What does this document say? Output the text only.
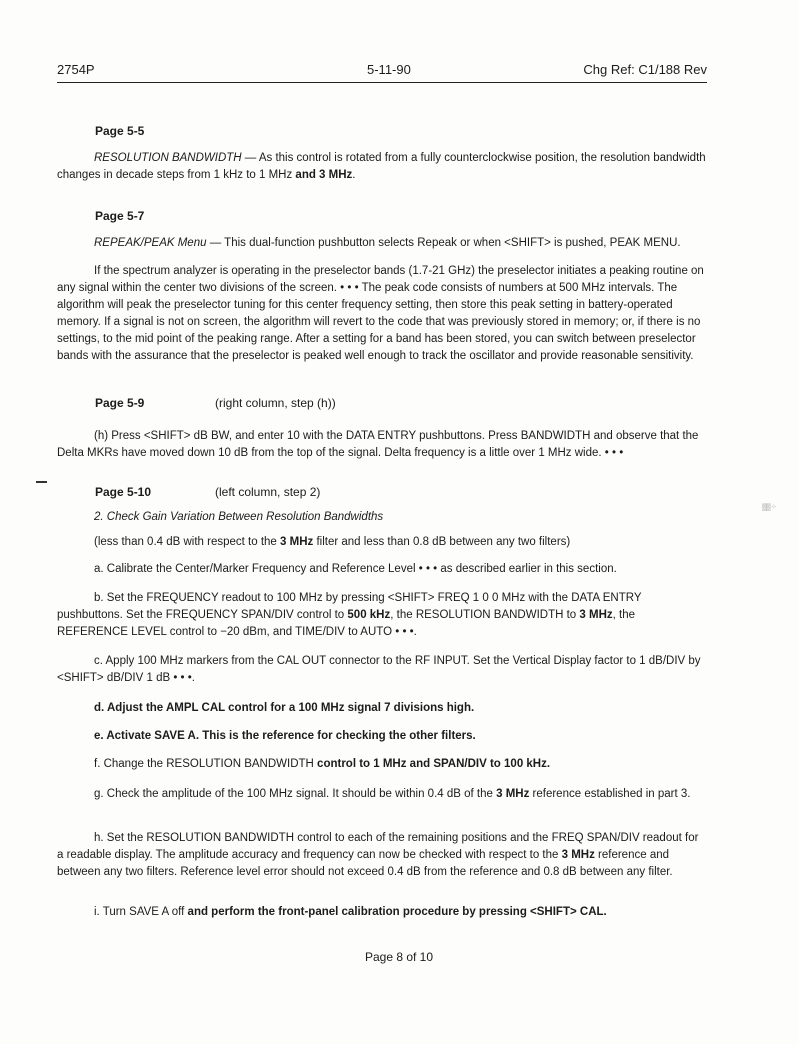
2754P	5-11-90	Chg Ref: C1/188 Rev
Page 5-5

RESOLUTION BANDWIDTH — As this control is rotated from a fully counterclockwise position, the resolution bandwidth changes in decade steps from 1 kHz to 1 MHz and 3 MHz.

Page 5-7

REPEAK/PEAK Menu — This dual-function pushbutton selects Repeak or when <SHIFT> is pushed, PEAK MENU.

If the spectrum analyzer is operating in the preselector bands (1.7-21 GHz) the preselector initiates a peaking routine on any signal within the center two divisions of the screen. • • • The peak code consists of numbers at 500 MHz intervals. The algorithm will peak the preselector tuning for this center frequency setting, then store this peak setting in battery-operated memory. If a signal is not on screen, the algorithm will revert to the code that was previously stored in memory; or, if there is no settings, to the mid point of the peaking range. After a setting for a band has been stored, you can switch between preselector bands with the assurance that the preselector is peaked well enough to track the oscillator and provide reasonable sensitivity.

Page 5-9	(right column, step (h))

(h) Press <SHIFT> dB BW, and enter 10 with the DATA ENTRY pushbuttons. Press BANDWIDTH and observe that the Delta MKRs have moved down 10 dB from the top of the signal. Delta frequency is a little over 1 MHz wide. • • •

▒▒ ⁘
Page 5-10	(left column, step 2)

2. Check Gain Variation Between Resolution Bandwidths

(less than 0.4 dB with respect to the 3 MHz filter and less than 0.8 dB between any two filters)

a. Calibrate the Center/Marker Frequency and Reference Level • • • as described earlier in this section.

b. Set the FREQUENCY readout to 100 MHz by pressing <SHIFT> FREQ 1 0 0 MHz with the DATA ENTRY pushbuttons. Set the FREQUENCY SPAN/DIV control to 500 kHz, the RESOLUTION BANDWIDTH to 3 MHz, the REFERENCE LEVEL control to −20 dBm, and TIME/DIV to AUTO • • •.

c. Apply 100 MHz markers from the CAL OUT connector to the RF INPUT. Set the Vertical Display factor to 1 dB/DIV by <SHIFT> dB/DIV 1 dB • • •.

d. Adjust the AMPL CAL control for a 100 MHz signal 7 divisions high.

e. Activate SAVE A. This is the reference for checking the other filters.

f. Change the RESOLUTION BANDWIDTH control to 1 MHz and SPAN/DIV to 100 kHz.

g. Check the amplitude of the 100 MHz signal. It should be within 0.4 dB of the 3 MHz reference established in part 3.

h. Set the RESOLUTION BANDWIDTH control to each of the remaining positions and the FREQ SPAN/DIV readout for a readable display. The amplitude accuracy and frequency can now be checked with respect to the 3 MHz reference and between any two filters. Reference level error should not exceed 0.4 dB from the reference and 0.8 dB between any filter.

i. Turn SAVE A off and perform the front-panel calibration procedure by pressing <SHIFT> CAL.

Page 8 of 10
